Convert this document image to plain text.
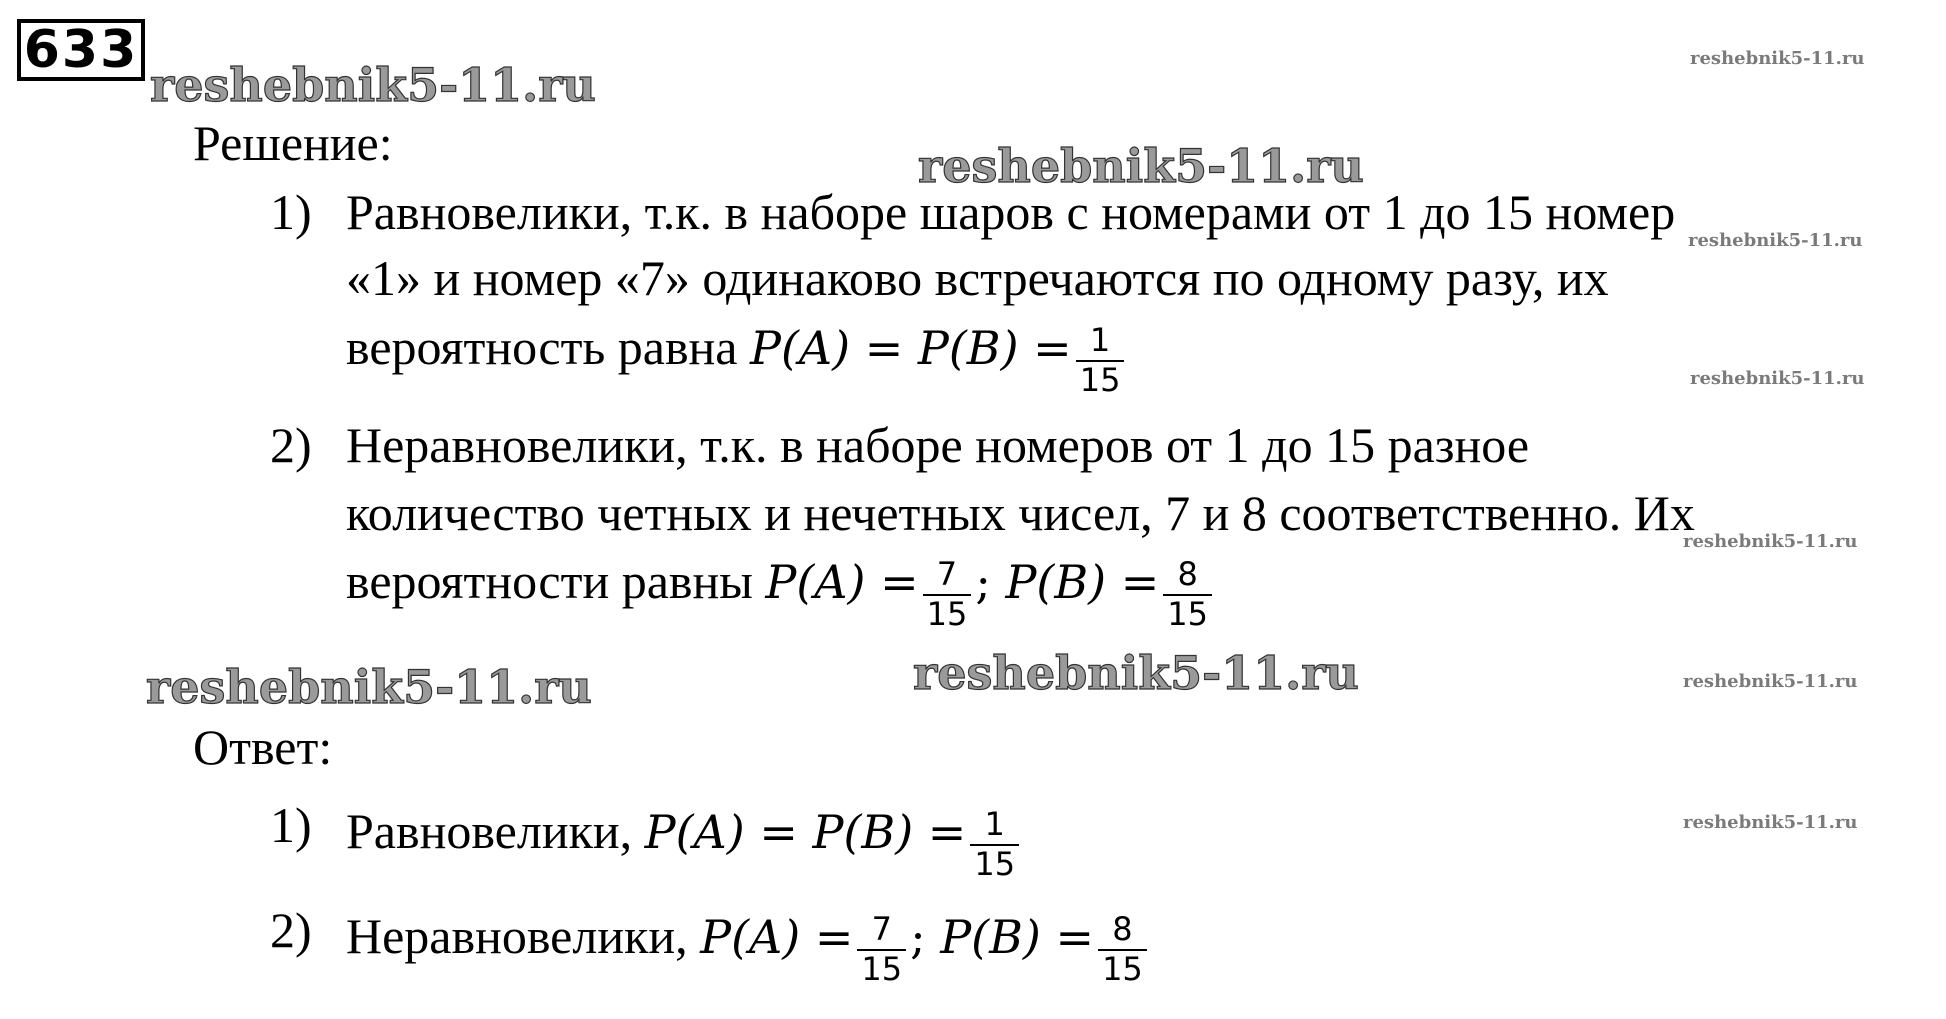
633
reshebnik5-11.ru
reshebnik5-11.ru
reshebnik5-11.ru	reshebnik5-11.ru
reshebnik5-11.ru
reshebnik5-11.ru
reshebnik5-11.ru
reshebnik5-11.ru
reshebnik5-11.ru
reshebnik5-11.ru
Решение:
1) Равновелики, т.к. в наборе шаров с номерами от 1 до 15 номер
«1» и номер «7» одинаково встречаются по одному разу, их
вероятность равна $P(A) = P(B) = \frac{1}{15}$
2) Неравновелики, т.к. в наборе номеров от 1 до 15 разное
количество четных и нечетных чисел, 7 и 8 соответственно. Их
вероятности равны $P(A) = \frac{7}{15}$ ; $P(B) = \frac{8}{15}$
Ответ:
1) Равновелики, $P(A) = P(B) = \frac{1}{15}$
2) Неравновелики, $P(A) = \frac{7}{15}$ ; $P(B) = \frac{8}{15}$
